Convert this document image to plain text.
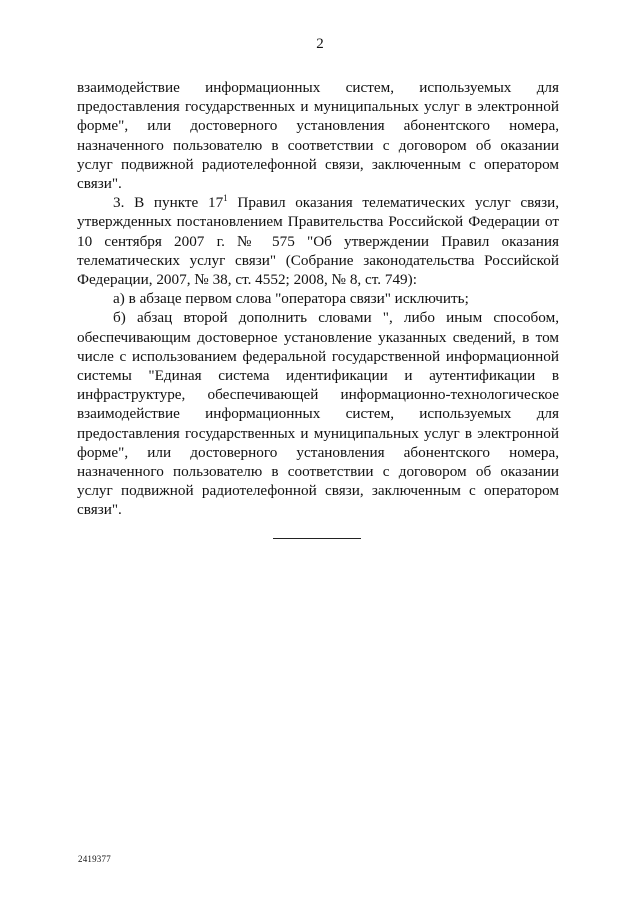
2

взаимодействие информационных систем, используемых для предоставления государственных и муниципальных услуг в электронной форме", или достоверного установления абонентского номера, назначенного пользователю в соответствии с договором об оказании услуг подвижной радиотелефонной связи, заключенным с оператором связи".

3. В пункте $17^1$ Правил оказания телематических услуг связи, утвержденных постановлением Правительства Российской Федерации от 10 сентября 2007 г. № 575 "Об утверждении Правил оказания телематических услуг связи" (Собрание законодательства Российской Федерации, 2007, № 38, ст. 4552; 2008, № 8, ст. 749):

а) в абзаце первом слова "оператора связи" исключить;

б) абзац второй дополнить словами ", либо иным способом, обеспечивающим достоверное установление указанных сведений, в том числе с использованием федеральной государственной информационной системы "Единая система идентификации и аутентификации в инфраструктуре, обеспечивающей информационно-технологическое взаимодействие информационных систем, используемых для предоставления государственных и муниципальных услуг в электронной форме", или достоверного установления абонентского номера, назначенного пользователю в соответствии с договором об оказании услуг подвижной радиотелефонной связи, заключенным с оператором связи".

2419377
